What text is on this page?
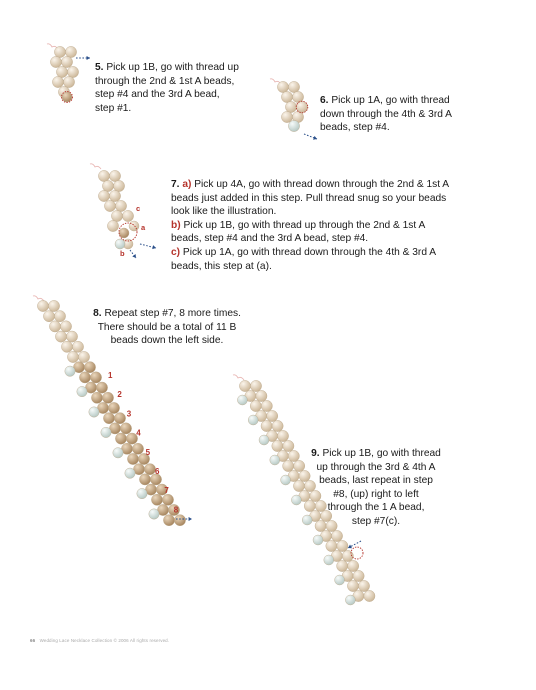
c
a
b
1
2
3
4
5
6
7
8
5. Pick up 1B, go with thread up
through the 2nd & 1st A beads,
step #4 and the 3rd A bead,
step #1.
6. Pick up 1A, go with thread
down through the 4th & 3rd A
beads, step #4.
7. a) Pick up 4A, go with thread down through the 2nd & 1st A
beads just added in this step. Pull thread snug so your beads
look like the illustration.
b) Pick up 1B, go with thread up through the 2nd & 1st A
beads, step #4 and the 3rd A bead, step #4.
c) Pick up 1A, go with thread down through the 4th & 3rd A
beads, this step at (a).
8. Repeat step #7, 8 more times.
There should be a total of 11 B
beads down the left side.
9. Pick up 1B, go with thread
up through the 3rd & 4th A
beads, last repeat in step
#8, (up) right to left
through the 1 A bead,
step #7(c).
66 Wedding Lace Necklace Collection © 2006 All rights reserved.
